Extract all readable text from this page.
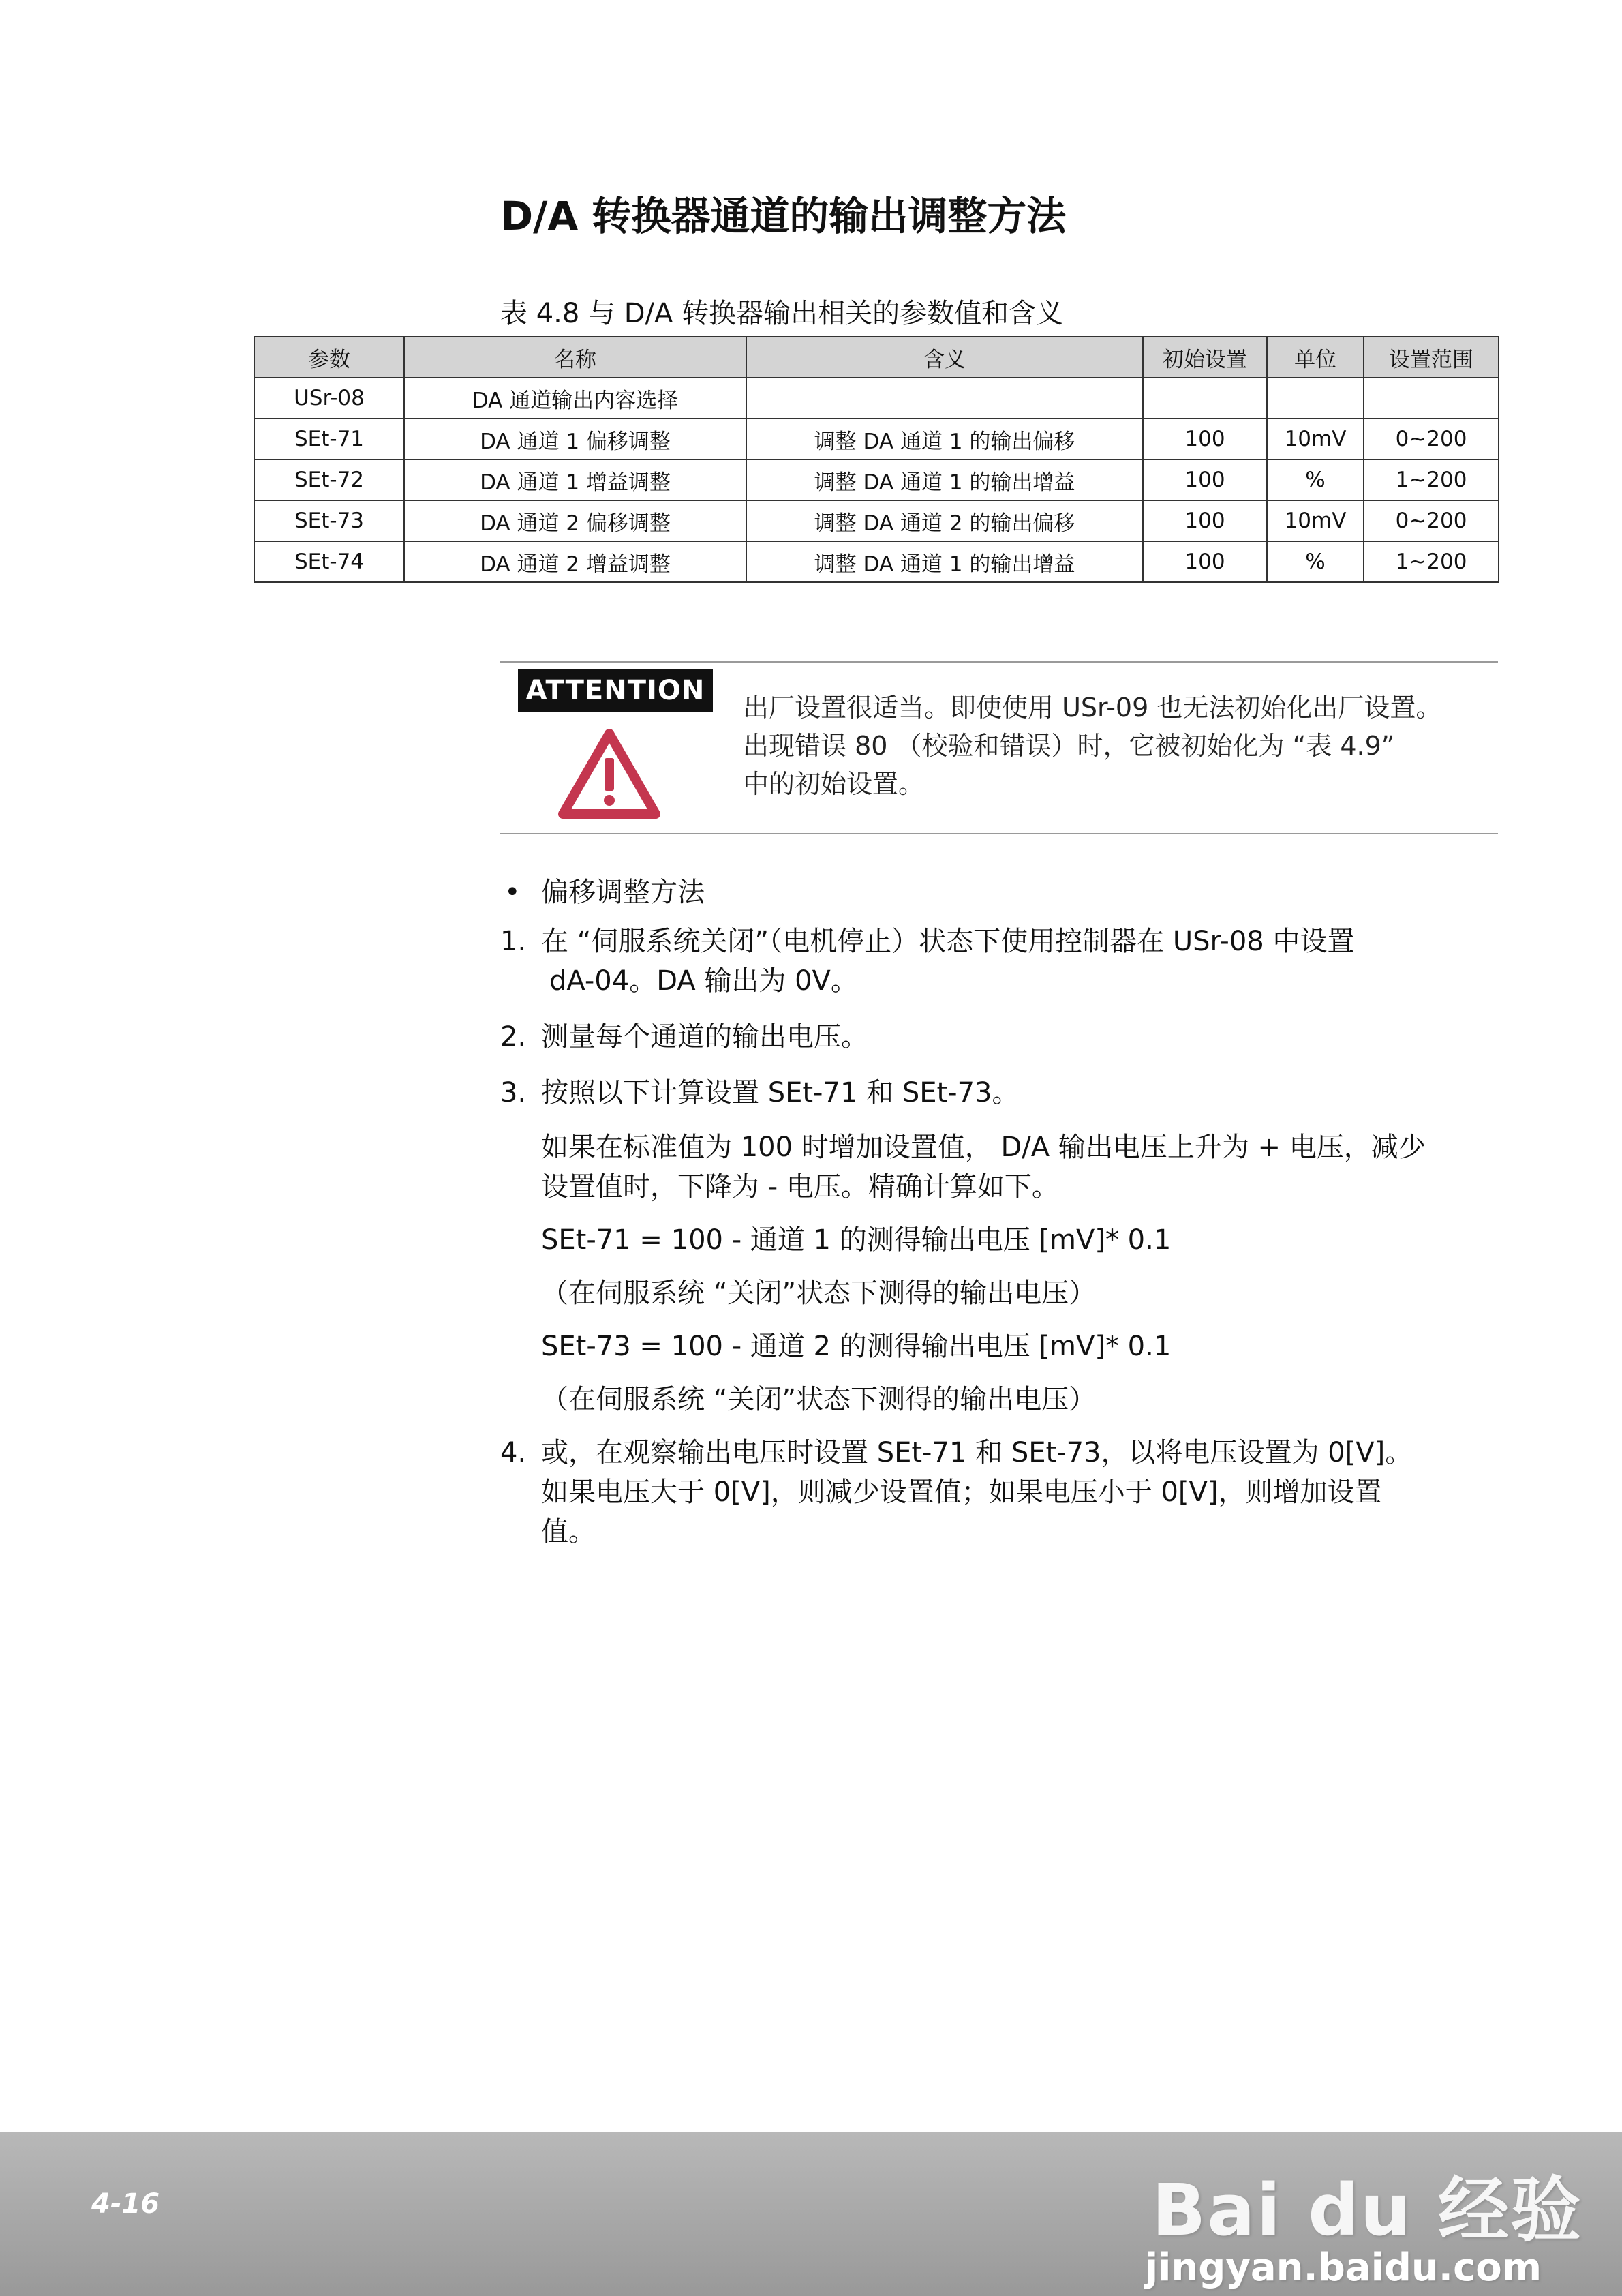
D/A 转换器通道的输出调整方法
表 4.8 与 D/A 转换器输出相关的参数值和含义
参数	名称	含义	初始设置	单位	设置范围
USr-08	DA 通道输出内容选择				
SEt-71	DA 通道 1 偏移调整	调整 DA 通道 1 的输出偏移	100	10mV	0~200
SEt-72	DA 通道 1 增益调整	调整 DA 通道 1 的输出增益	100	%	1~200
SEt-73	DA 通道 2 偏移调整	调整 DA 通道 2 的输出偏移	100	10mV	0~200
SEt-74	DA 通道 2 增益调整	调整 DA 通道 1 的输出增益	100	%	1~200
ATTENTION
出厂设置很适当。即使使用 USr-09 也无法初始化出厂设置。
出现错误 80 （校验和错误）时，它被初始化为 “表 4.9”
中的初始设置。
• 偏移调整方法
1. 在 “伺服系统关闭”（电机停止）状态下使用控制器在 USr-08 中设置
dA-04。DA 输出为 0V。
2. 测量每个通道的输出电压。
3. 按照以下计算设置 SEt-71 和 SEt-73。
如果在标准值为 100 时增加设置值， D/A 输出电压上升为 + 电压，减少
设置值时，下降为 - 电压。精确计算如下。
SEt-71 = 100 - 通道 1 的测得输出电压 [mV]* 0.1
（在伺服系统 “关闭”状态下测得的输出电压）
SEt-73 = 100 - 通道 2 的测得输出电压 [mV]* 0.1
（在伺服系统 “关闭”状态下测得的输出电压）
4. 或，在观察输出电压时设置 SEt-71 和 SEt-73，以将电压设置为 0[V]。
如果电压大于 0[V]，则减少设置值；如果电压小于 0[V]，则增加设置
值。
4-16	Bai du 经验
jingyan.baidu.com
